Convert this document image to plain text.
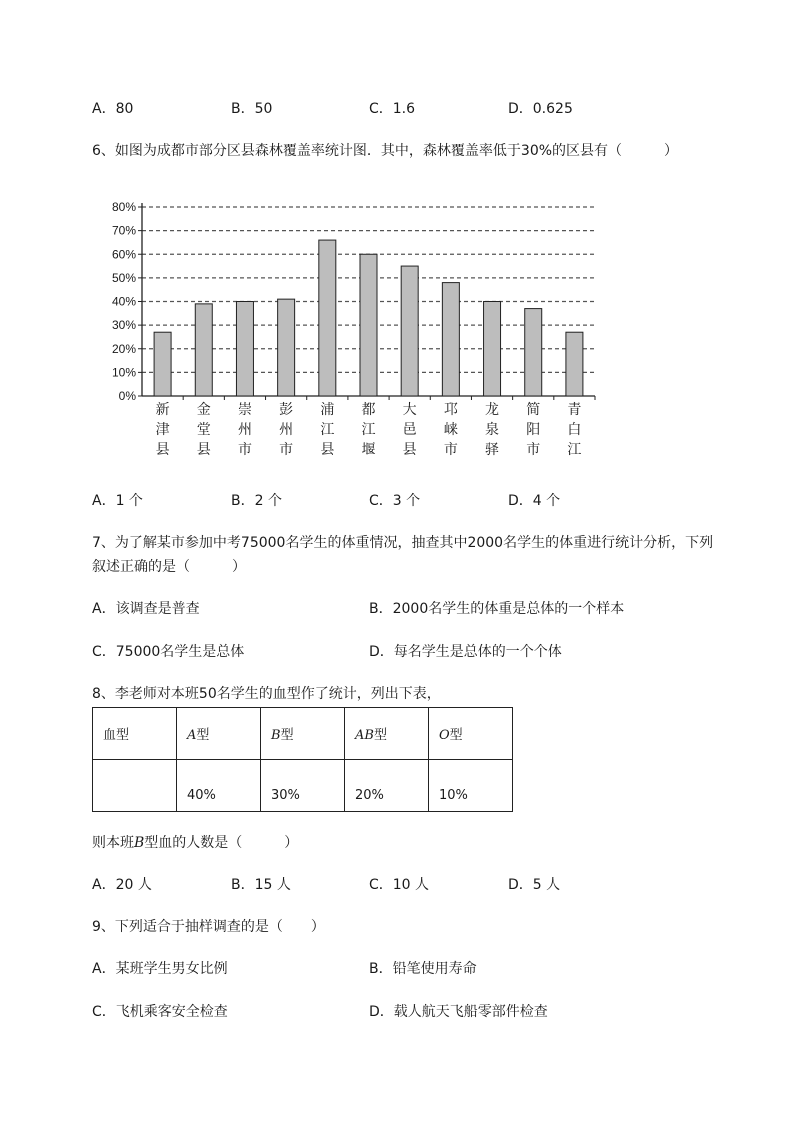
A．80	B．50	C．1.6	D．0.625
6、如图为成都市部分区县森林覆盖率统计图．其中，森林覆盖率低于30%的区县有（　　　）
0%
10%
20%
30%
40%
50%
60%
70%
80%
新
津
县
金
堂
县
崇
州
市
彭
州
市
浦
江
县
都
江
堰
大
邑
县
邛
崃
市
龙
泉
驿
简
阳
市
青
白
江
A．1 个	B．2 个	C．3 个	D．4 个
7、为了解某市参加中考75000名学生的体重情况，抽查其中2000名学生的体重进行统计分析，下列
叙述正确的是（　　　）
A．该调查是普查	B．2000名学生的体重是总体的一个样本
C．75000名学生是总体	D．每名学生是总体的一个个体
8、李老师对本班50名学生的血型作了统计，列出下表，
血型	A型	B型	AB型	O型
	40%	30%	20%	10%
则本班B型血的人数是（　　　）
A．20 人	B．15 人	C．10 人	D．5 人
9、下列适合于抽样调查的是（　　）
A．某班学生男女比例	B．铅笔使用寿命
C．飞机乘客安全检查	D．载人航天飞船零部件检查
